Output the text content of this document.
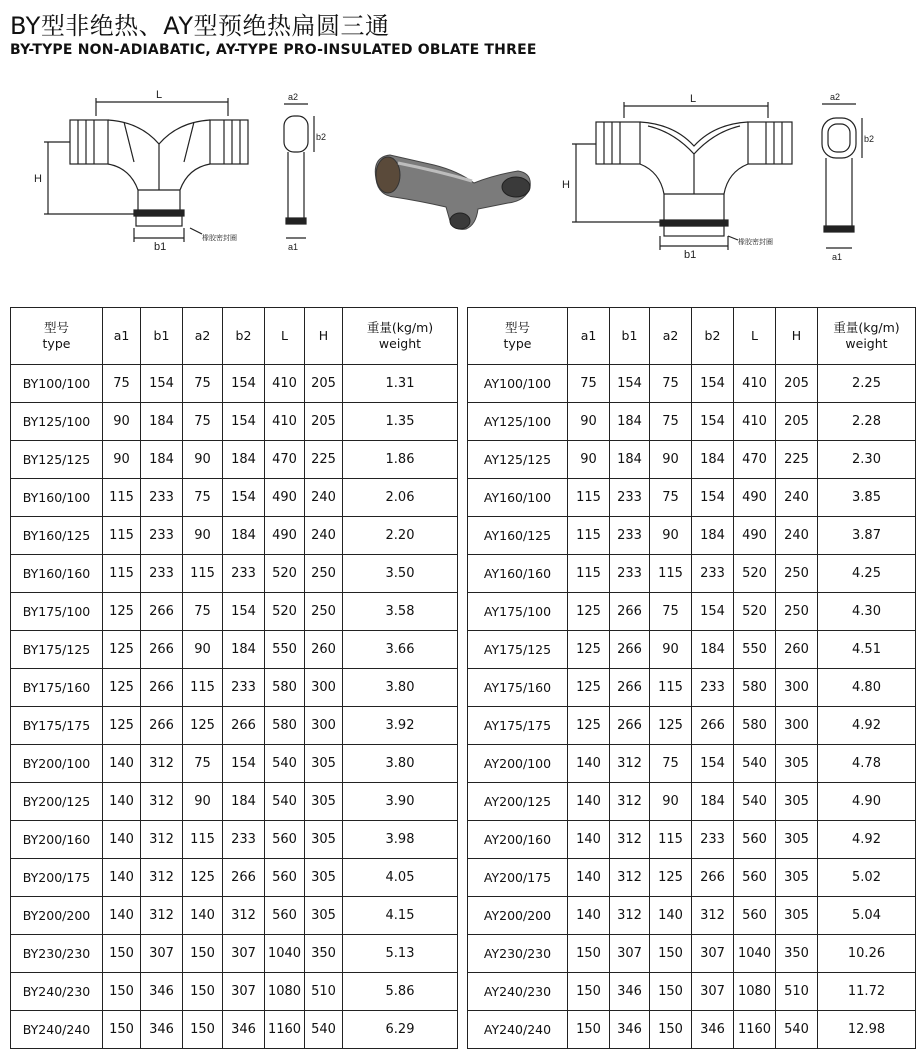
BY型非绝热、AY型预绝热扁圆三通
BY-TYPE NON-ADIABATIC, AY-TYPE PRO-INSULATED OBLATE THREE
L
H
b1
a2
b2
a1
橡胶密封圈
L
H
b1
a2
b2
a1
橡胶密封圈
型号
type	a1	b1	a2	b2	L	H	重量(kg/m)
weight

BY100/100	75	154	75	154	410	205	1.31
BY125/100	90	184	75	154	410	205	1.35
BY125/125	90	184	90	184	470	225	1.86
BY160/100	115	233	75	154	490	240	2.06
BY160/125	115	233	90	184	490	240	2.20
BY160/160	115	233	115	233	520	250	3.50
BY175/100	125	266	75	154	520	250	3.58
BY175/125	125	266	90	184	550	260	3.66
BY175/160	125	266	115	233	580	300	3.80
BY175/175	125	266	125	266	580	300	3.92
BY200/100	140	312	75	154	540	305	3.80
BY200/125	140	312	90	184	540	305	3.90
BY200/160	140	312	115	233	560	305	3.98
BY200/175	140	312	125	266	560	305	4.05
BY200/200	140	312	140	312	560	305	4.15
BY230/230	150	307	150	307	1040	350	5.13
BY240/230	150	346	150	307	1080	510	5.86
BY240/240	150	346	150	346	1160	540	6.29
型号
type	a1	b1	a2	b2	L	H	重量(kg/m)
weight

AY100/100	75	154	75	154	410	205	2.25
AY125/100	90	184	75	154	410	205	2.28
AY125/125	90	184	90	184	470	225	2.30
AY160/100	115	233	75	154	490	240	3.85
AY160/125	115	233	90	184	490	240	3.87
AY160/160	115	233	115	233	520	250	4.25
AY175/100	125	266	75	154	520	250	4.30
AY175/125	125	266	90	184	550	260	4.51
AY175/160	125	266	115	233	580	300	4.80
AY175/175	125	266	125	266	580	300	4.92
AY200/100	140	312	75	154	540	305	4.78
AY200/125	140	312	90	184	540	305	4.90
AY200/160	140	312	115	233	560	305	4.92
AY200/175	140	312	125	266	560	305	5.02
AY200/200	140	312	140	312	560	305	5.04
AY230/230	150	307	150	307	1040	350	10.26
AY240/230	150	346	150	307	1080	510	11.72
AY240/240	150	346	150	346	1160	540	12.98
